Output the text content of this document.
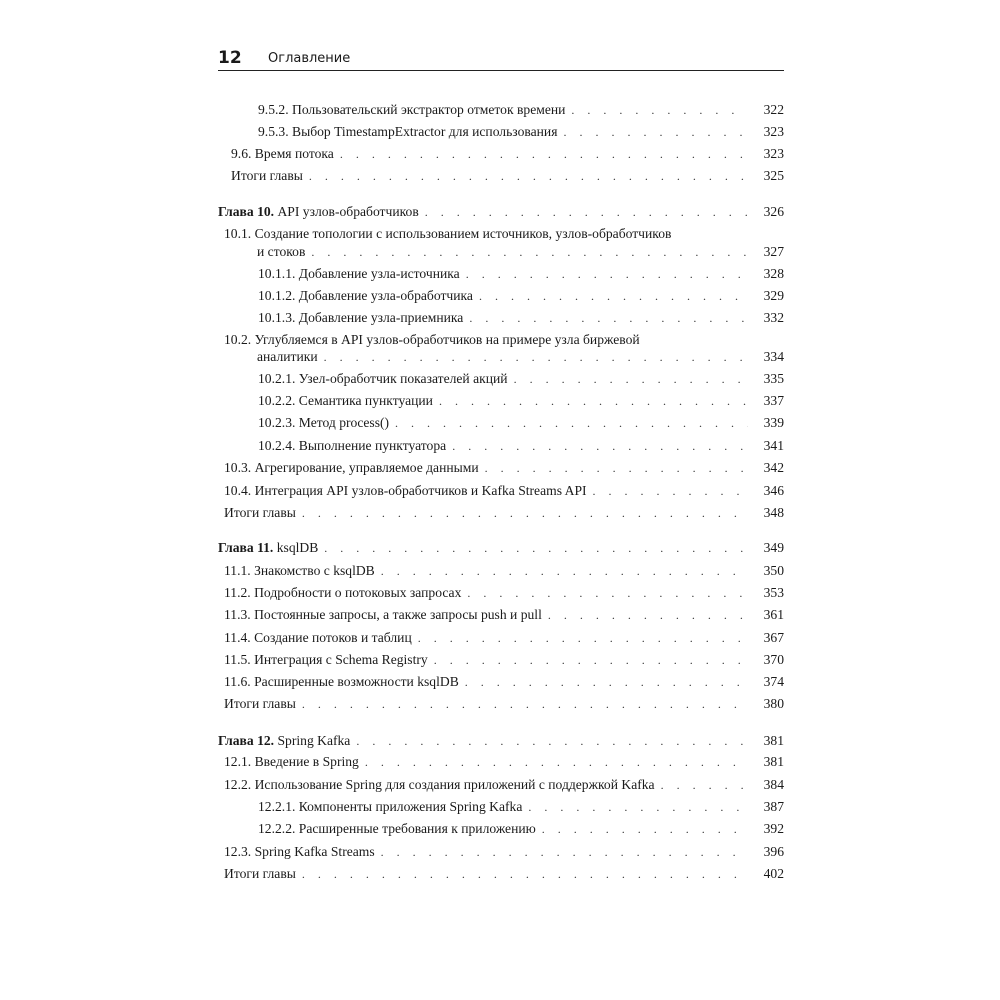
12 Оглавление
9.5.2. Пользовательский экстрактор отметок времени . . .	322
9.5.3. Выбор TimestampExtractor для использования . . .	323
9.6. Время потока . . .	323
Итоги главы . . .	325
Глава 10. API узлов-обработчиков . . .	326
10.1. Создание топологии с использованием источников, узлов-обработчиков
и стоков . . .	327
10.1.1. Добавление узла-источника . . .	328
10.1.2. Добавление узла-обработчика . . .	329
10.1.3. Добавление узла-приемника . . .	332
10.2. Углубляемся в API узлов-обработчиков на примере узла биржевой
аналитики . . .	334
10.2.1. Узел-обработчик показателей акций . . .	335
10.2.2. Семантика пунктуации . . .	337
10.2.3. Метод process() . . .	339
10.2.4. Выполнение пунктуатора . . .	341
10.3. Агрегирование, управляемое данными . . .	342
10.4. Интеграция API узлов-обработчиков и Kafka Streams API . . .	346
Итоги главы . . .	348
Глава 11. ksqlDB . . .	349
11.1. Знакомство с ksqlDB . . .	350
11.2. Подробности о потоковых запросах . . .	353
11.3. Постоянные запросы, а также запросы push и pull . . .	361
11.4. Создание потоков и таблиц . . .	367
11.5. Интеграция с Schema Registry . . .	370
11.6. Расширенные возможности ksqlDB . . .	374
Итоги главы . . .	380
Глава 12. Spring Kafka . . .	381
12.1. Введение в Spring . . .	381
12.2. Использование Spring для создания приложений с поддержкой Kafka . . .	384
12.2.1. Компоненты приложения Spring Kafka . . .	387
12.2.2. Расширенные требования к приложению . . .	392
12.3. Spring Kafka Streams . . .	396
Итоги главы . . .	402
